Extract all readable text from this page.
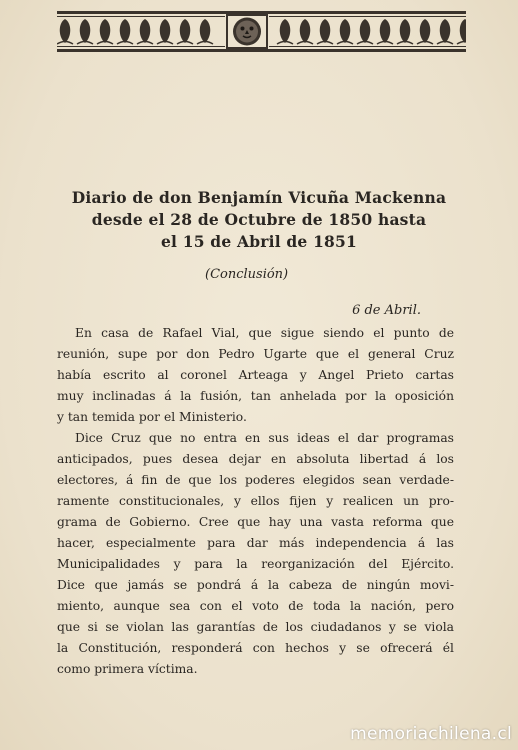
Diario de don Benjamín Vicuña Mackenna
desde el 28 de Octubre de 1850 hasta
el 15 de Abril de 1851
(Conclusión)
6 de Abril.
En casa de Rafael Vial, que sigue siendo el punto de
reunión, supe por don Pedro Ugarte que el general Cruz
había escrito al coronel Arteaga y Angel Prieto cartas
muy inclinadas á la fusión, tan anhelada por la oposición
y tan temida por el Ministerio.
Dice Cruz que no entra en sus ideas el dar programas
anticipados, pues desea dejar en absoluta libertad á los
electores, á fin de que los poderes elegidos sean verdade-
ramente constitucionales, y ellos fijen y realicen un pro-
grama de Gobierno. Cree que hay una vasta reforma que
hacer, especialmente para dar más independencia á las
Municipalidades y para la reorganización del Ejército.
Dice que jamás se pondrá á la cabeza de ningún movi-
miento, aunque sea con el voto de toda la nación, pero
que si se violan las garantías de los ciudadanos y se viola
la Constitución, responderá con hechos y se ofrecerá él
como primera víctima.
memoriachilena.cl
